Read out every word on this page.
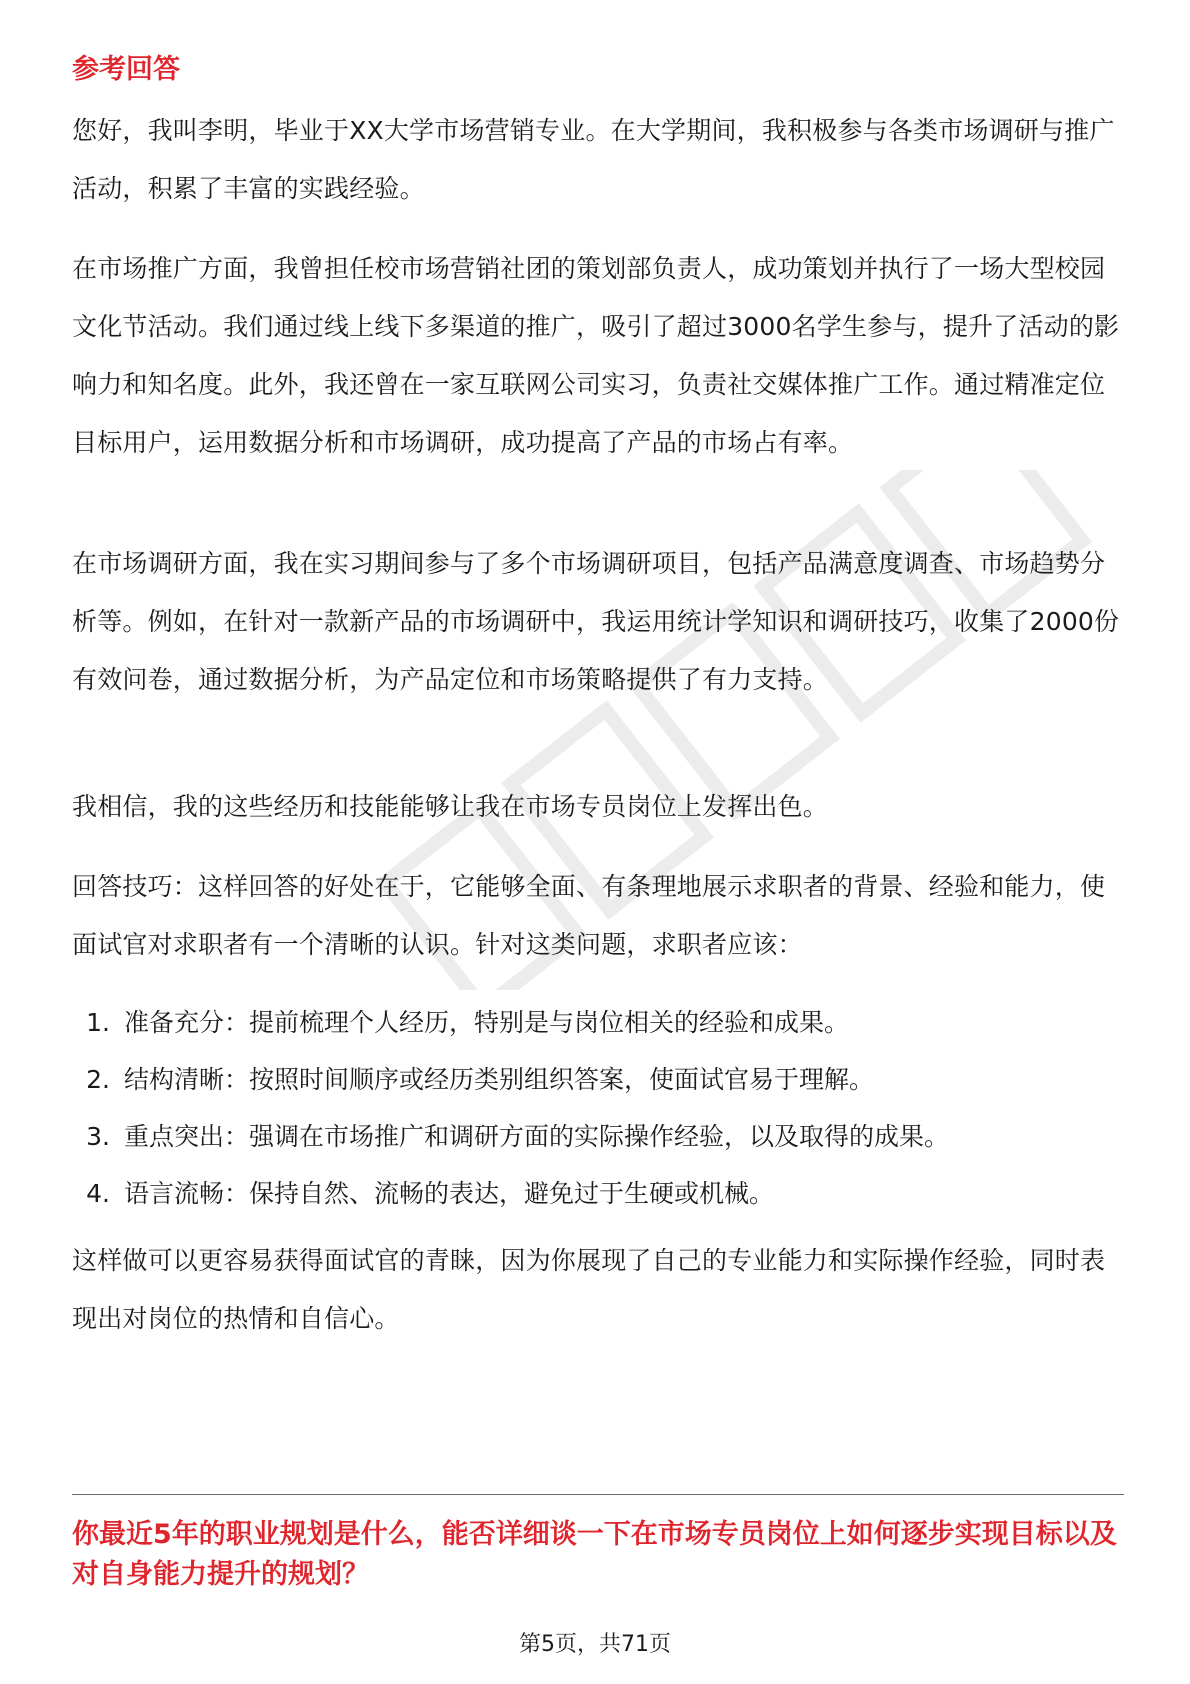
参考回答

您好，我叫李明，毕业于XX大学市场营销专业。在大学期间，我积极参与各类市场调研与推广活动，积累了丰富的实践经验。

在市场推广方面，我曾担任校市场营销社团的策划部负责人，成功策划并执行了一场大型校园文化节活动。我们通过线上线下多渠道的推广，吸引了超过3000名学生参与，提升了活动的影响力和知名度。此外，我还曾在一家互联网公司实习，负责社交媒体推广工作。通过精准定位目标用户，运用数据分析和市场调研，成功提高了产品的市场占有率。

在市场调研方面，我在实习期间参与了多个市场调研项目，包括产品满意度调查、市场趋势分析等。例如，在针对一款新产品的市场调研中，我运用统计学知识和调研技巧，收集了2000份有效问卷，通过数据分析，为产品定位和市场策略提供了有力支持。

我相信，我的这些经历和技能能够让我在市场专员岗位上发挥出色。

回答技巧：这样回答的好处在于，它能够全面、有条理地展示求职者的背景、经验和能力，使面试官对求职者有一个清晰的认识。针对这类问题，求职者应该：

1. 准备充分：提前梳理个人经历，特别是与岗位相关的经验和成果。
2. 结构清晰：按照时间顺序或经历类别组织答案，使面试官易于理解。
3. 重点突出：强调在市场推广和调研方面的实际操作经验，以及取得的成果。
4. 语言流畅：保持自然、流畅的表达，避免过于生硬或机械。

这样做可以更容易获得面试官的青睐，因为你展现了自己的专业能力和实际操作经验，同时表现出对岗位的热情和自信心。

你最近5年的职业规划是什么，能否详细谈一下在市场专员岗位上如何逐步实现目标以及对自身能力提升的规划？
第5页，共71页
